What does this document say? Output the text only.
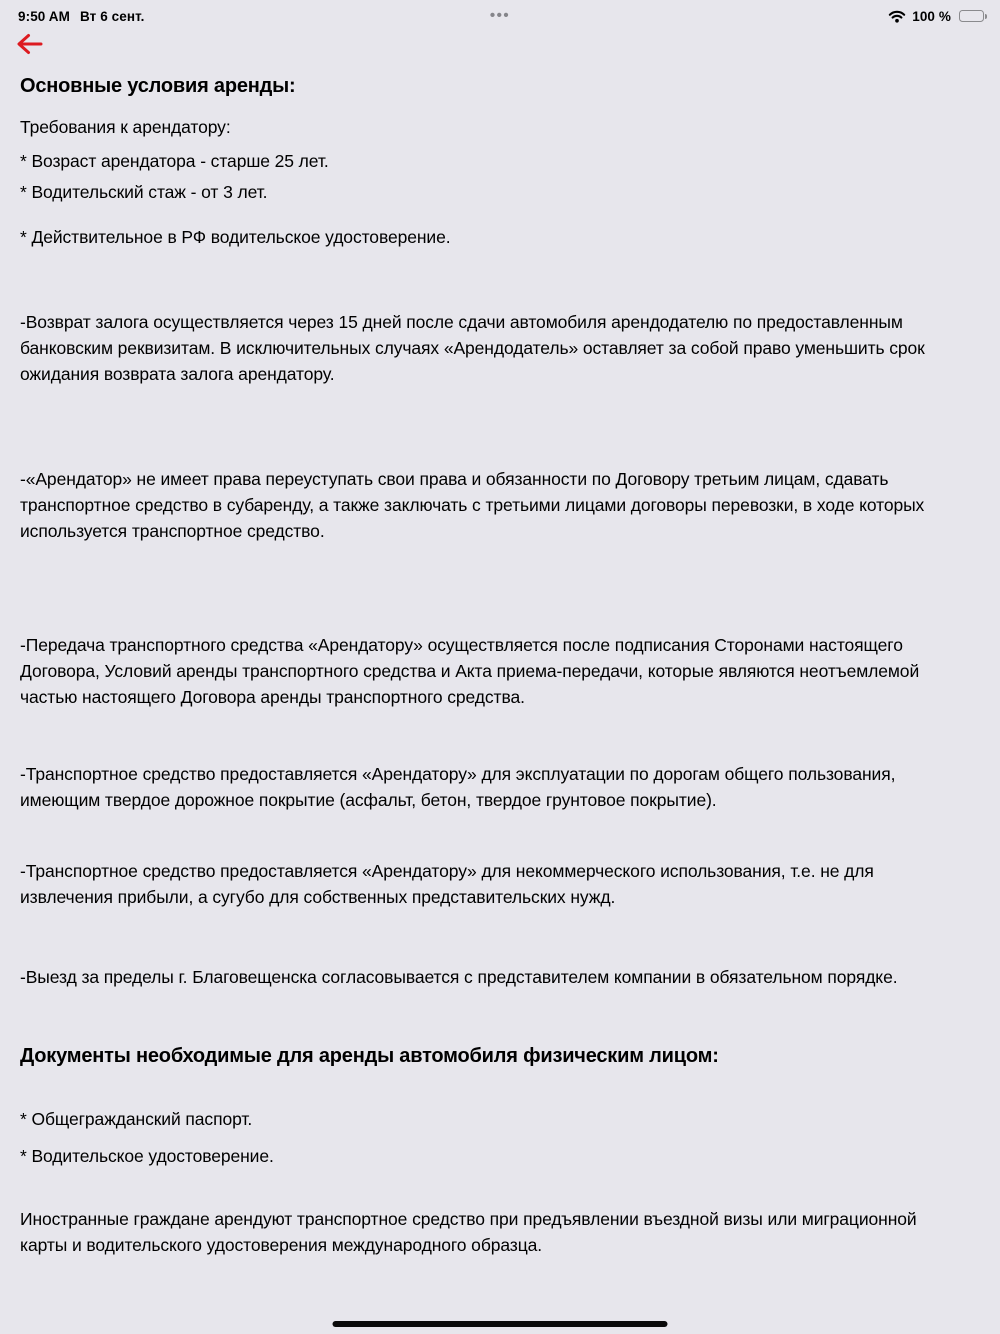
9:50 AM Вт 6 сент.	•••	100 %
Основные условия аренды:

Требования к арендатору:

* Возраст арендатора - старше 25 лет.

* Водительский стаж - от 3 лет.

* Действительное в РФ водительское удостоверение.

-Возврат залога осуществляется через 15 дней после сдачи автомобиля арендодателю по предоставленным банковским реквизитам. В исключительных случаях «Арендодатель» оставляет за собой право уменьшить срок ожидания возврата залога арендатору.

-«Арендатор» не имеет права переуступать свои права и обязанности по Договору третьим лицам, сдавать транспортное средство в субаренду, а также заключать с третьими лицами договоры перевозки, в ходе которых используется транспортное средство.

-Передача транспортного средства «Арендатору» осуществляется после подписания Сторонами настоящего Договора, Условий аренды транспортного средства и Акта приема-передачи, которые являются неотъемлемой частью настоящего Договора аренды транспортного средства.

-Транспортное средство предоставляется «Арендатору» для эксплуатации по дорогам общего пользования, имеющим твердое дорожное покрытие (асфальт, бетон, твердое грунтовое покрытие).

-Транспортное средство предоставляется «Арендатору» для некоммерческого использования, т.е. не для извлечения прибыли, а сугубо для собственных представительских нужд.

-Выезд за пределы г. Благовещенска согласовывается с представителем компании в обязательном порядке.

Документы необходимые для аренды автомобиля физическим лицом:

* Общегражданский паспорт.

* Водительское удостоверение.

Иностранные граждане арендуют транспортное средство при предъявлении въездной визы или миграционной карты и водительского удостоверения международного образца.
